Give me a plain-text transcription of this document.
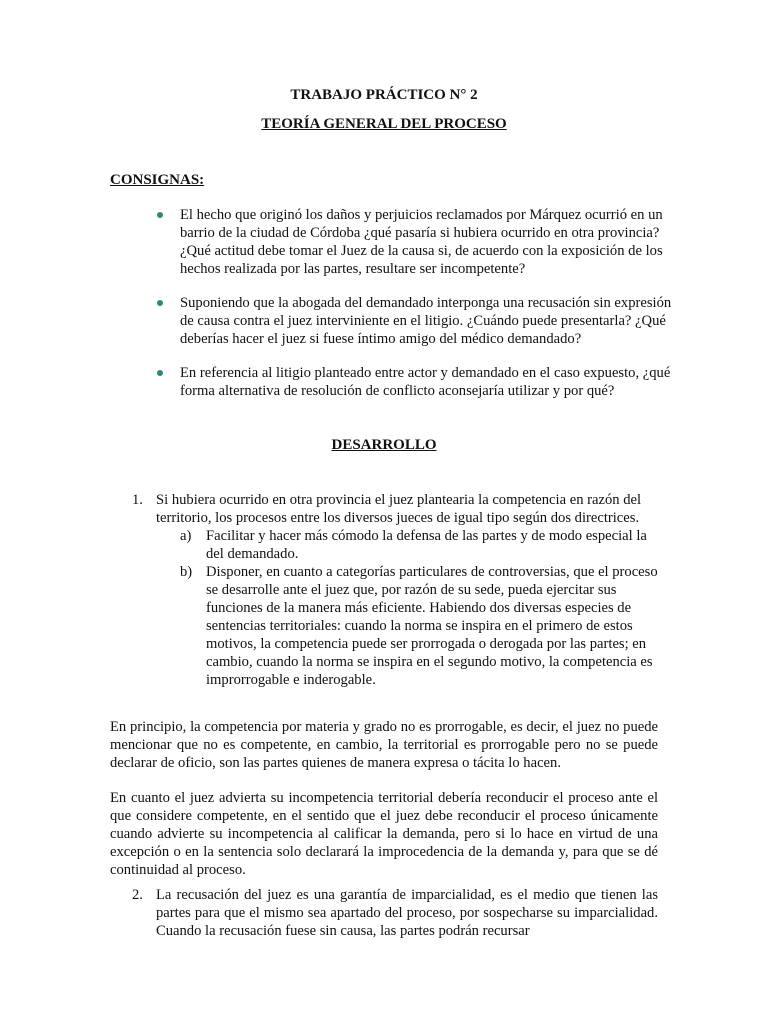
TRABAJO PRÁCTICO N° 2
TEORÍA GENERAL DEL PROCESO
CONSIGNAS:
El hecho que originó los daños y perjuicios reclamados por Márquez ocurrió en un barrio de la ciudad de Córdoba ¿qué pasaría si hubiera ocurrido en otra provincia? ¿Qué actitud debe tomar el Juez de la causa si, de acuerdo con la exposición de los hechos realizada por las partes, resultare ser incompetente?
Suponiendo que la abogada del demandado interponga una recusación sin expresión de causa contra el juez interviniente en el litigio. ¿Cuándo puede presentarla? ¿Qué deberías hacer el juez si fuese íntimo amigo del médico demandado?
En referencia al litigio planteado entre actor y demandado en el caso expuesto, ¿qué forma alternativa de resolución de conflicto aconsejaría utilizar y por qué?
DESARROLLO
1. Si hubiera ocurrido en otra provincia el juez plantearia la competencia en razón del territorio, los procesos entre los diversos jueces de igual tipo según dos directrices.
a) Facilitar y hacer más cómodo la defensa de las partes y de modo especial la del demandado.
b) Disponer, en cuanto a categorías particulares de controversias, que el proceso se desarrolle ante el juez que, por razón de su sede, pueda ejercitar sus funciones de la manera más eficiente. Habiendo dos diversas especies de sentencias territoriales: cuando la norma se inspira en el primero de estos motivos, la competencia puede ser prorrogada o derogada por las partes; en cambio, cuando la norma se inspira en el segundo motivo, la competencia es improrrogable e inderogable.
En principio, la competencia por materia y grado no es prorrogable, es decir, el juez no puede mencionar que no es competente, en cambio, la territorial es prorrogable pero no se puede declarar de oficio, son las partes quienes de manera expresa o tácita lo hacen.
En cuanto el juez advierta su incompetencia territorial debería reconducir el proceso ante el que considere competente, en el sentido que el juez debe reconducir el proceso únicamente cuando advierte su incompetencia al calificar la demanda, pero si lo hace en virtud de una excepción o en la sentencia solo declarará la improcedencia de la demanda y, para que se dé continuidad al proceso.
2. La recusación del juez es una garantía de imparcialidad, es el medio que tienen las partes para que el mismo sea apartado del proceso, por sospecharse su imparcialidad. Cuando la recusación fuese sin causa, las partes podrán recursar
